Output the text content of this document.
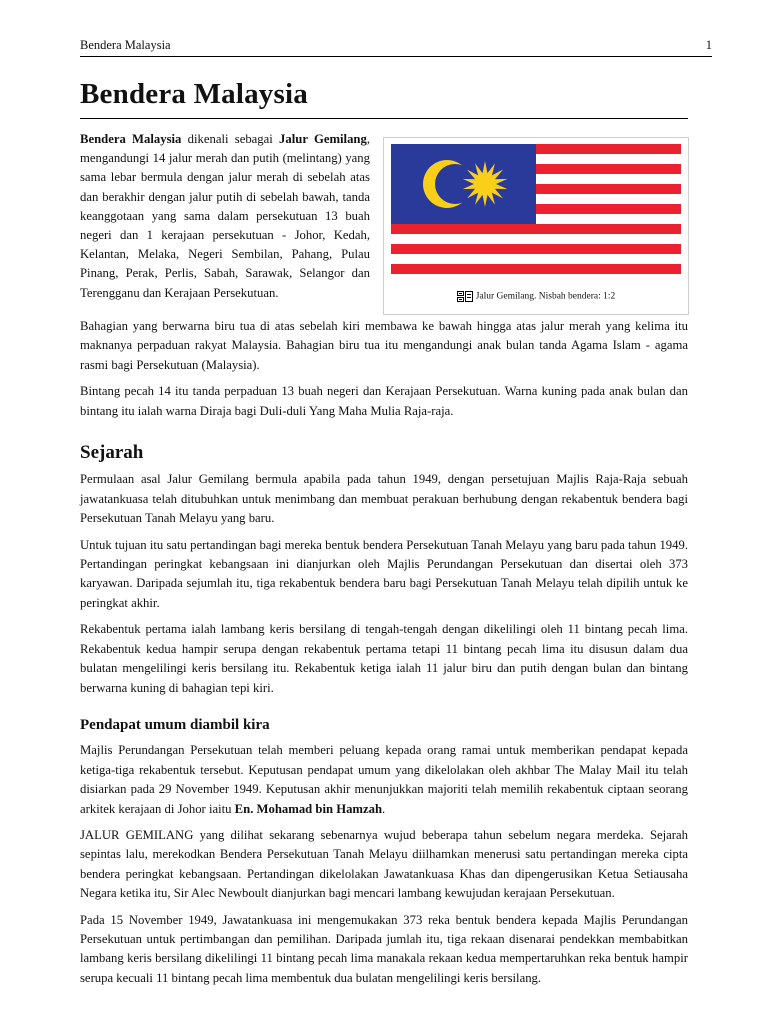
Bendera Malaysia	1
Bendera Malaysia

Bendera Malaysia dikenali sebagai Jalur Gemilang, mengandungi 14 jalur merah dan putih (melintang) yang sama lebar bermula dengan jalur merah di sebelah atas dan berakhir dengan jalur putih di sebelah bawah, tanda keanggotaan yang sama dalam persekutuan 13 buah negeri dan 1 kerajaan persekutuan - Johor, Kedah, Kelantan, Melaka, Negeri Sembilan, Pahang, Pulau Pinang, Perak, Perlis, Sabah, Sarawak, Selangor dan Terengganu dan Kerajaan Persekutuan.	Jalur Gemilang. Nisbah bendera: 1:2

Bahagian yang berwarna biru tua di atas sebelah kiri membawa ke bawah hingga atas jalur merah yang kelima itu maknanya perpaduan rakyat Malaysia. Bahagian biru tua itu mengandungi anak bulan tanda Agama Islam - agama rasmi bagi Persekutuan (Malaysia).

Bintang pecah 14 itu tanda perpaduan 13 buah negeri dan Kerajaan Persekutuan. Warna kuning pada anak bulan dan bintang itu ialah warna Diraja bagi Duli-duli Yang Maha Mulia Raja-raja.

Sejarah

Permulaan asal Jalur Gemilang bermula apabila pada tahun 1949, dengan persetujuan Majlis Raja-Raja sebuah jawatankuasa telah ditubuhkan untuk menimbang dan membuat perakuan berhubung dengan rekabentuk bendera bagi Persekutuan Tanah Melayu yang baru.

Untuk tujuan itu satu pertandingan bagi mereka bentuk bendera Persekutuan Tanah Melayu yang baru pada tahun 1949. Pertandingan peringkat kebangsaan ini dianjurkan oleh Majlis Perundangan Persekutuan dan disertai oleh 373 karyawan. Daripada sejumlah itu, tiga rekabentuk bendera baru bagi Persekutuan Tanah Melayu telah dipilih untuk ke peringkat akhir.

Rekabentuk pertama ialah lambang keris bersilang di tengah-tengah dengan dikelilingi oleh 11 bintang pecah lima. Rekabentuk kedua hampir serupa dengan rekabentuk pertama tetapi 11 bintang pecah lima itu disusun dalam dua bulatan mengelilingi keris bersilang itu. Rekabentuk ketiga ialah 11 jalur biru dan putih dengan bulan dan bintang berwarna kuning di bahagian tepi kiri.

Pendapat umum diambil kira

Majlis Perundangan Persekutuan telah memberi peluang kepada orang ramai untuk memberikan pendapat kepada ketiga-tiga rekabentuk tersebut. Keputusan pendapat umum yang dikelolakan oleh akhbar The Malay Mail itu telah disiarkan pada 29 November 1949. Keputusan akhir menunjukkan majoriti telah memilih rekabentuk ciptaan seorang arkitek kerajaan di Johor iaitu En. Mohamad bin Hamzah.

JALUR GEMILANG yang dilihat sekarang sebenarnya wujud beberapa tahun sebelum negara merdeka. Sejarah sepintas lalu, merekodkan Bendera Persekutuan Tanah Melayu diilhamkan menerusi satu pertandingan mereka cipta bendera peringkat kebangsaan. Pertandingan dikelolakan Jawatankuasa Khas dan dipengerusikan Ketua Setiausaha Negara ketika itu, Sir Alec Newboult dianjurkan bagi mencari lambang kewujudan kerajaan Persekutuan.

Pada 15 November 1949, Jawatankuasa ini mengemukakan 373 reka bentuk bendera kepada Majlis Perundangan Persekutuan untuk pertimbangan dan pemilihan. Daripada jumlah itu, tiga rekaan disenarai pendekkan membabitkan lambang keris bersilang dikelilingi 11 bintang pecah lima manakala rekaan kedua mempertaruhkan reka bentuk hampir serupa kecuali 11 bintang pecah lima membentuk dua bulatan mengelilingi keris bersilang.
